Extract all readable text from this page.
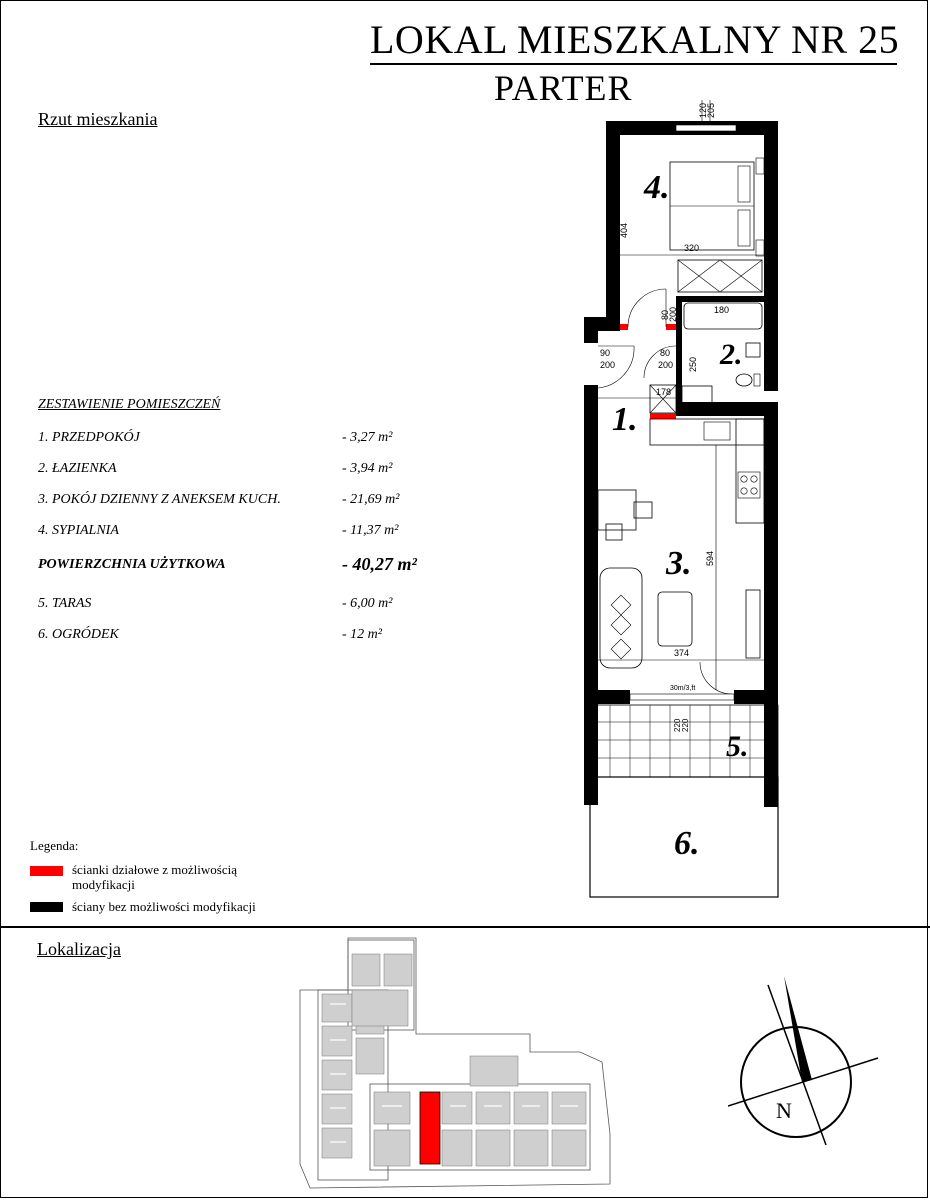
LOKAL MIESZKALNY NR 25
PARTER
Rzut mieszkania
ZESTAWIENIE POMIESZCZEŃ
1. PRZEDPOKÓJ	- 3,27 m²
2. ŁAZIENKA	- 3,94 m²
3. POKÓJ DZIENNY Z ANEKSEM KUCH.	- 21,69 m²
4. SYPIALNIA	- 11,37 m²
POWIERZCHNIA UŻYTKOWA	- 40,27 m²
5. TARAS	- 6,00 m²
6. OGRÓDEK	- 12 m²
Legenda:
ścianki działowe z możliwością
modyfikacji
ściany bez możliwości modyfikacji
120
205
4.
404
320
180
2.
250
80
200
90
200
80
200
178
1.
594
3.
374
30m/3,ft
220 220
5.
6.
Lokalizacja
N
